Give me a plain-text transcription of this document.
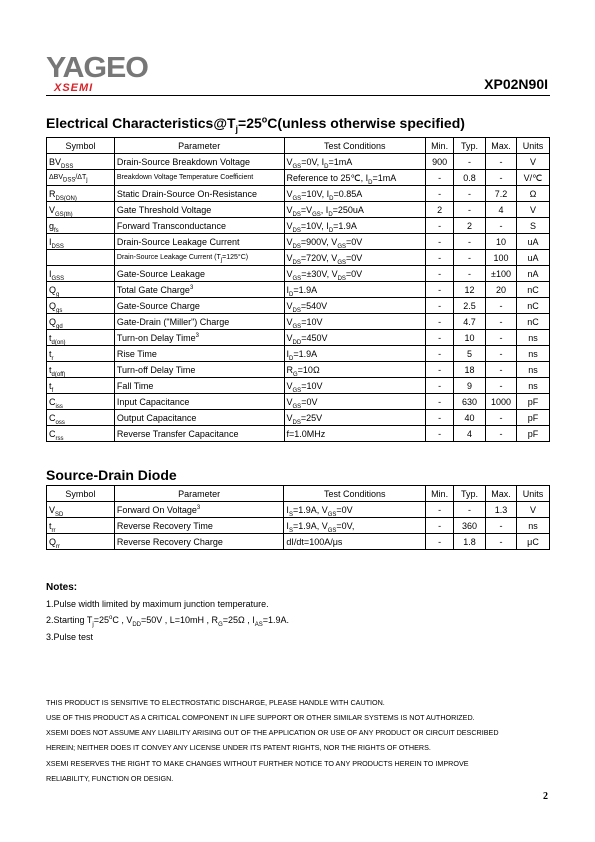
YAGEO
XSEMI	XP02N90I
Electrical $Characteristics@T_j=25^oC(unless$ otherwise specified)
Symbol	Parameter	Test Conditions	Min.	Typ.	Max.	Units
$BV_{DSS}$	Drain-Source Breakdown Voltage	$V_{GS}=0V$, $I_D=1mA$	900	-	-	V
$\Delta BV_{DSS}/\Delta T_j$	Breakdown Voltage Temperature Coefficient	Reference to 25℃, $I_D=1mA$	-	0.8	-	V/℃
$R_{DS(ON)}$	Static Drain-Source On-Resistance	$V_{GS}=10V$, $I_D=0.85A$	-	-	7.2	Ω
$V_{GS(th)}$	Gate Threshold Voltage	$V_{DS}=V_{GS}$, $I_D=250uA$	2	-	4	V
$g_{fs}$	Forward Transconductance	$V_{DS}=10V$, $I_D=1.9A$	-	2	-	S
$I_{DSS}$	Drain-Source Leakage Current	$V_{DS}=900V$, $V_{GS}=0V$	-	-	10	uA
	Drain-Source Leakage Current $(T_j=125^\circ C)$	$V_{DS}=720V$, $V_{GS}=0V$	-	-	100	uA
$I_{GSS}$	Gate-Source Leakage	$V_{GS}=\pm 30V$, $V_{DS}=0V$	-	-	±100	nA
$Q_g$	Total Gate Charge$^3$	$I_D=1.9A$	-	12	20	nC
$Q_{gs}$	Gate-Source Charge	$V_{DS}=540V$	-	2.5	-	nC
$Q_{gd}$	Gate-Drain ("Miller") Charge	$V_{GS}=10V$	-	4.7	-	nC
$t_{d(on)}$	Turn-on Delay Time$^3$	$V_{DD}=450V$	-	10	-	ns
$t_r$	Rise Time	$I_D=1.9A$	-	5	-	ns
$t_{d(off)}$	Turn-off Delay Time	$R_G=10\Omega$	-	18	-	ns
$t_f$	Fall Time	$V_{GS}=10V$	-	9	-	ns
$C_{iss}$	Input Capacitance	$V_{GS}=0V$	-	630	1000	pF
$C_{oss}$	Output Capacitance	$V_{DS}=25V$	-	40	-	pF
$C_{rss}$	Reverse Transfer Capacitance	f=1.0MHz	-	4	-	pF
Source-Drain Diode
Symbol	Parameter	Test Conditions	Min.	Typ.	Max.	Units
$V_{SD}$	Forward On Voltage$^3$	$I_S=1.9A$, $V_{GS}=0V$	-	-	1.3	V
$t_{rr}$	Reverse Recovery Time	$I_S=1.9A$, $V_{GS}=0V$,	-	360	-	ns
$Q_{rr}$	Reverse Recovery Charge	dI/dt=100A/μs	-	1.8	-	μC
Notes:
1.Pulse width limited by maximum junction temperature.
2.Starting $T_j=25^oC$ , $V_{DD}=50V$ , L=10mH , $R_G=25\Omega$ , $I_{AS}=1.9A$.
3.Pulse test
THIS PRODUCT IS SENSITIVE TO ELECTROSTATIC DISCHARGE, PLEASE HANDLE WITH CAUTION.
USE OF THIS PRODUCT AS A CRITICAL COMPONENT IN LIFE SUPPORT OR OTHER SIMILAR SYSTEMS IS NOT AUTHORIZED.
XSEMI DOES NOT ASSUME ANY LIABILITY ARISING OUT OF THE APPLICATION OR USE OF ANY PRODUCT OR CIRCUIT DESCRIBED
HEREIN; NEITHER DOES IT CONVEY ANY LICENSE UNDER ITS PATENT RIGHTS, NOR THE RIGHTS OF OTHERS.
XSEMI RESERVES THE RIGHT TO MAKE CHANGES WITHOUT FURTHER NOTICE TO ANY PRODUCTS HEREIN TO IMPROVE
RELIABILITY, FUNCTION OR DESIGN.
2
